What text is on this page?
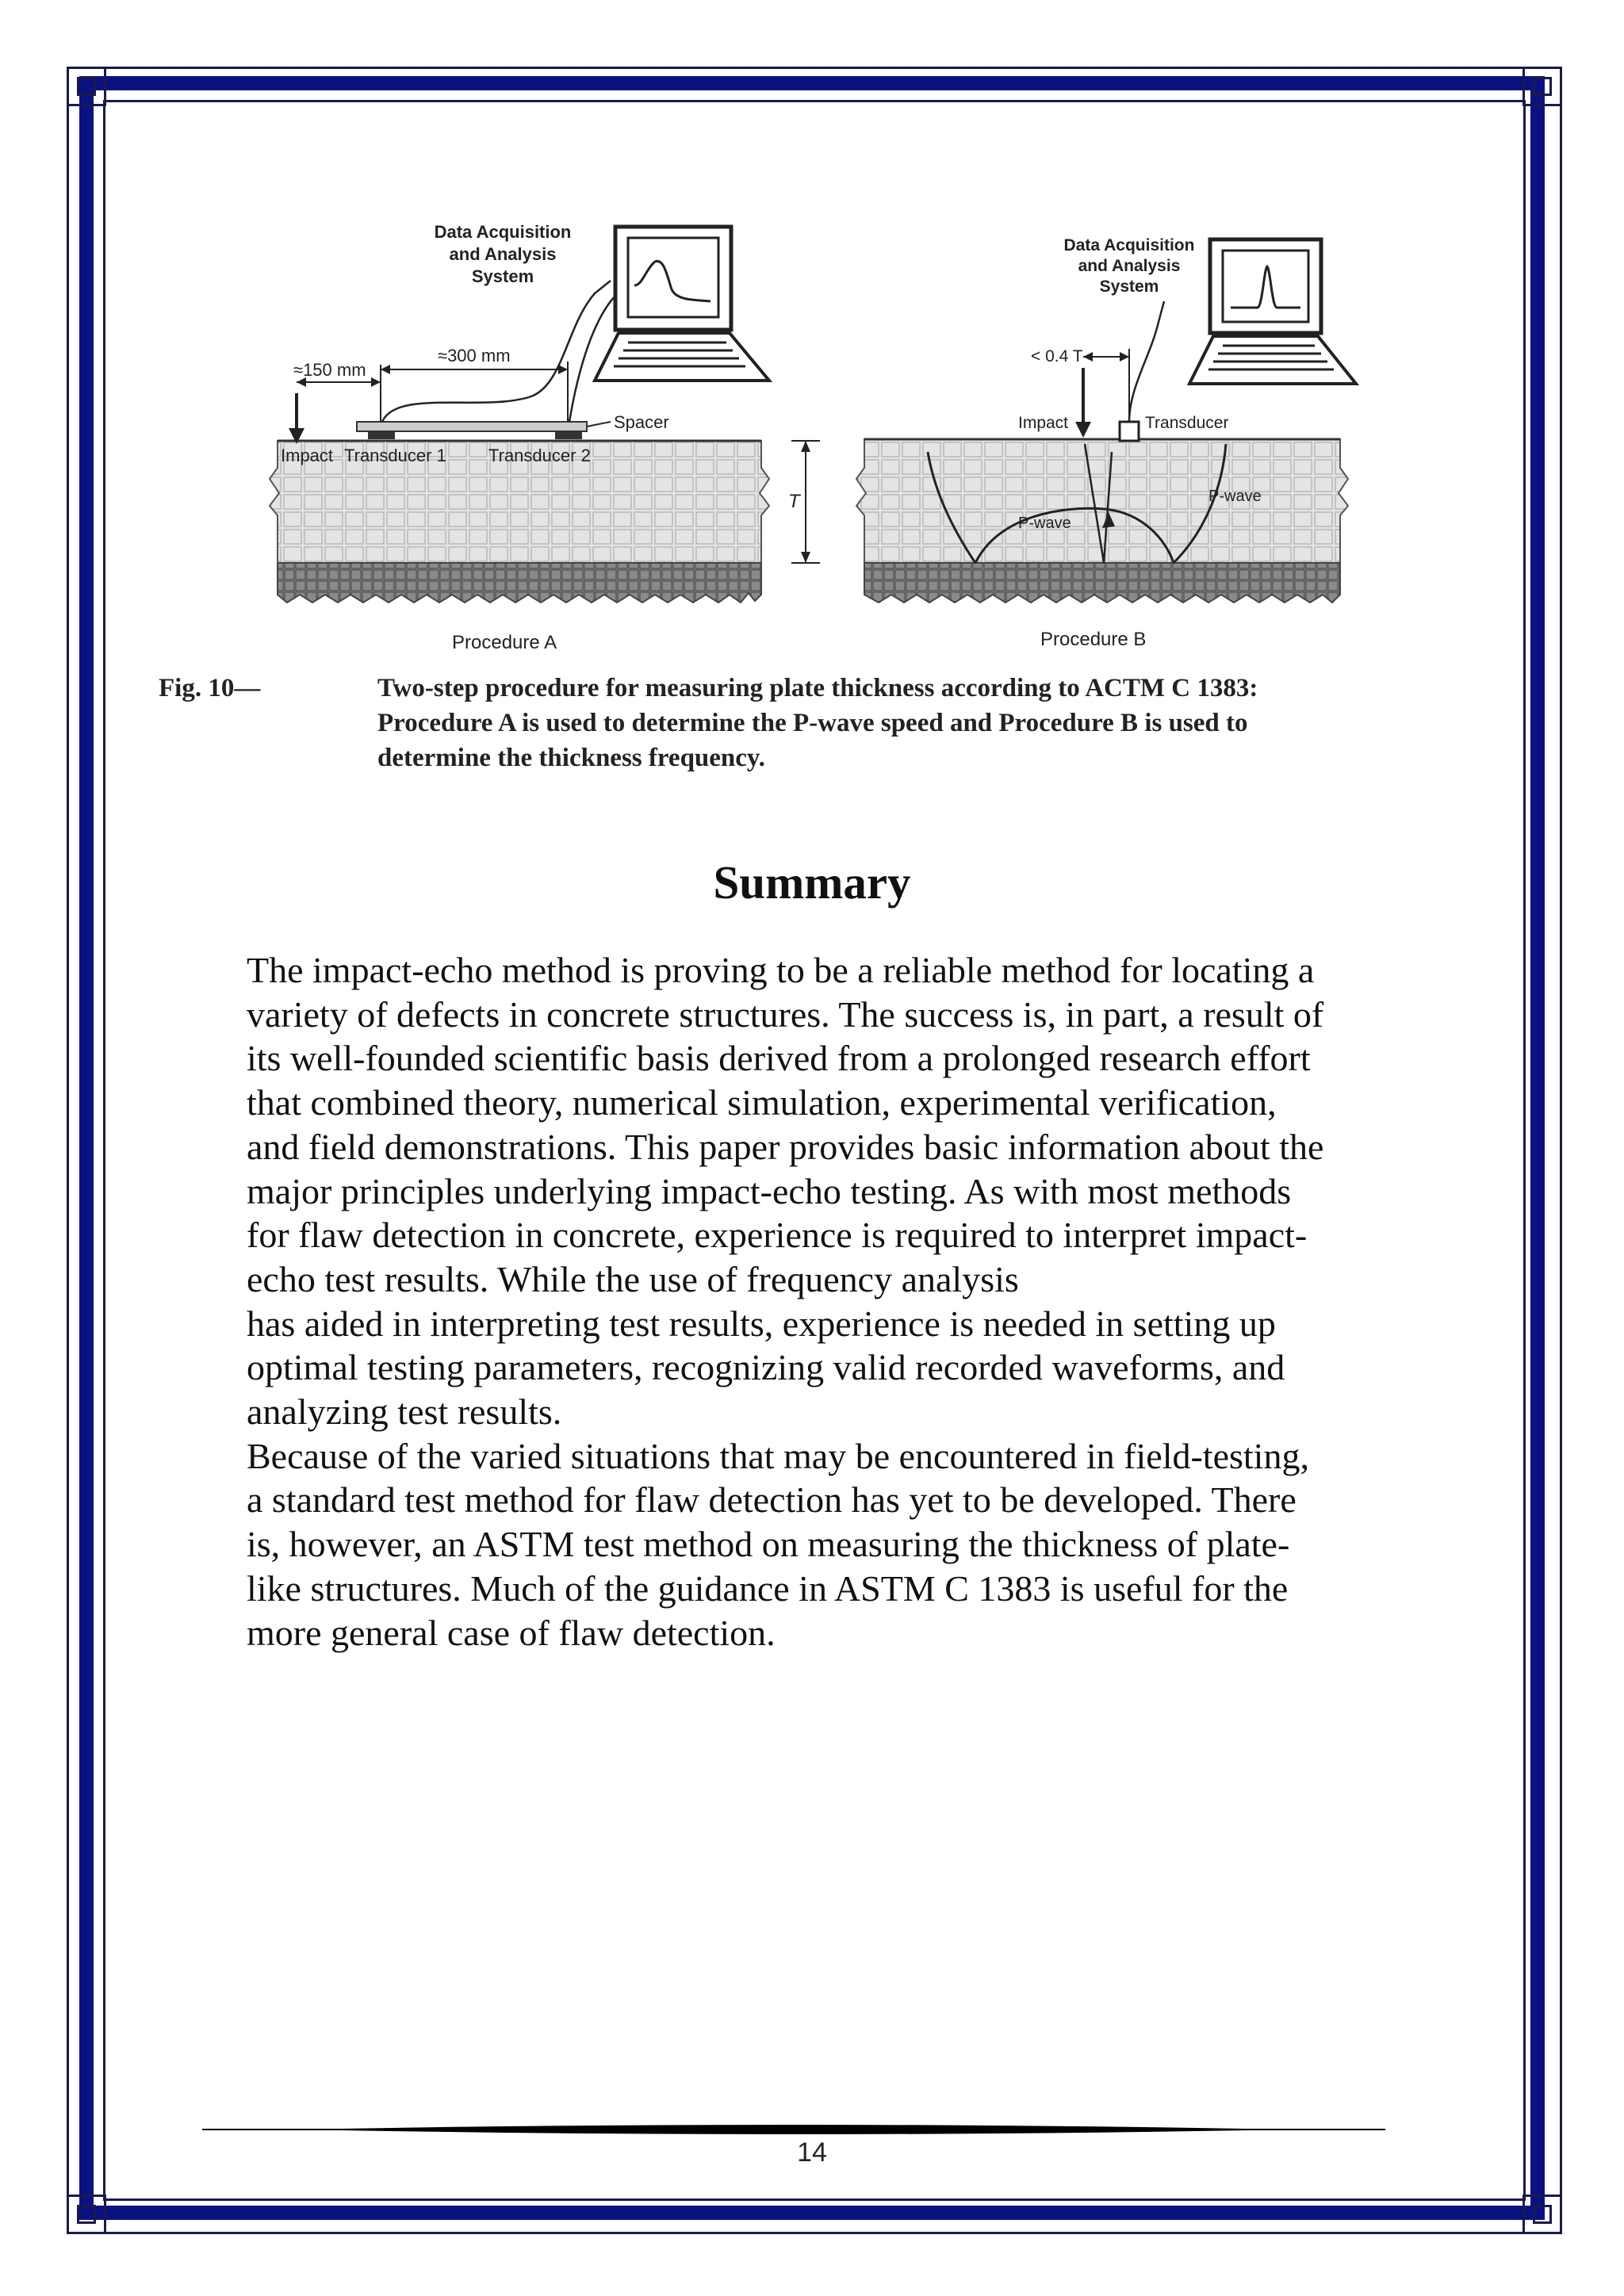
Data Acquisition
and Analysis
System
≈300 mm
≈150 mm
Spacer
Impact Transducer 1 Transducer 2
Procedure A
T
Data Acquisition
and Analysis
System
< 0.4 T
Impact	Transducer
P-wave
P-wave
Procedure B
Fig. 10—	Two-step procedure for measuring plate thickness according to ACTM C 1383:
Procedure A is used to determine the P-wave speed and Procedure B is used to
determine the thickness frequency.
Summary

The impact-echo method is proving to be a reliable method for locating a

variety of defects in concrete structures. The success is, in part, a result of

its well-founded scientific basis derived from a prolonged research effort

that combined theory, numerical simulation, experimental verification,

and field demonstrations. This paper provides basic information about the

major principles underlying impact-echo testing. As with most methods

for flaw detection in concrete, experience is required to interpret impact-

echo test results. While the use of frequency analysis

has aided in interpreting test results, experience is needed in setting up

optimal testing parameters, recognizing valid recorded waveforms, and

analyzing test results.

Because of the varied situations that may be encountered in field-testing,

a standard test method for flaw detection has yet to be developed. There

is, however, an ASTM test method on measuring the thickness of plate-

like structures. Much of the guidance in ASTM C 1383 is useful for the

more general case of flaw detection.

14
